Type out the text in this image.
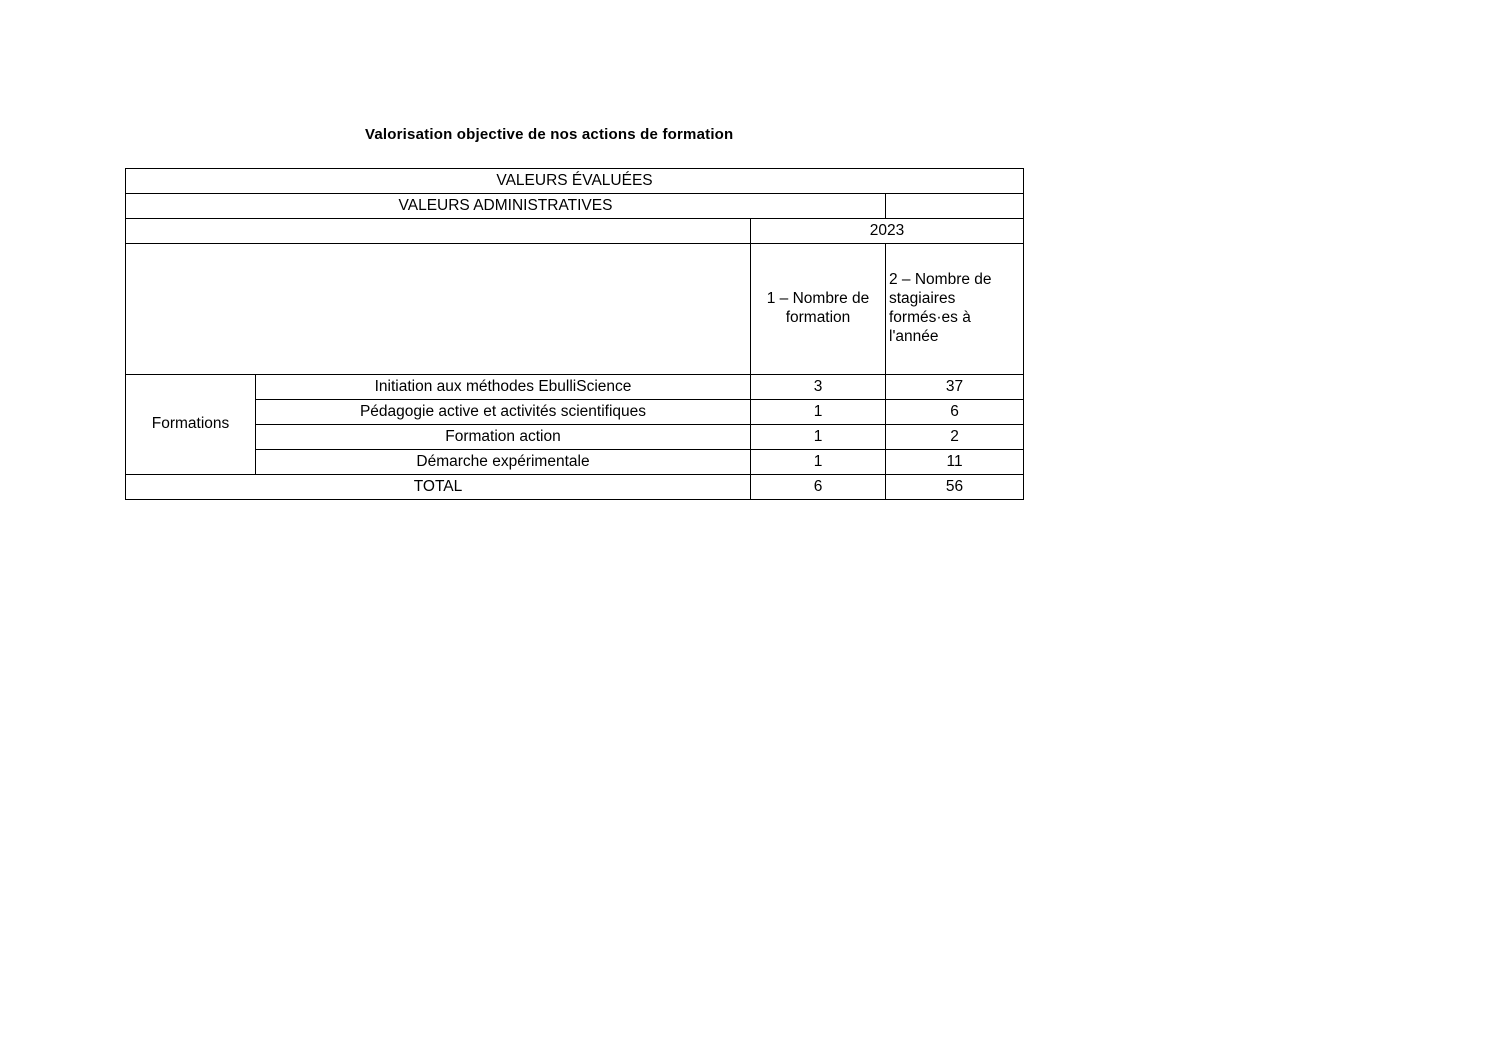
Valorisation objective de nos actions de formation
VALEURS ÉVALUÉES			
VALEURS ADMINISTRATIVES			
		2023	
		1 – Nombre de formation	2 – Nombre de stagiaires formés·es à l'année
Formations	Initiation aux méthodes EbulliScience	3	37
	Pédagogie active et activités scientifiques	1	6
	Formation action	1	2
	Démarche expérimentale	1	11
TOTAL		6	56
